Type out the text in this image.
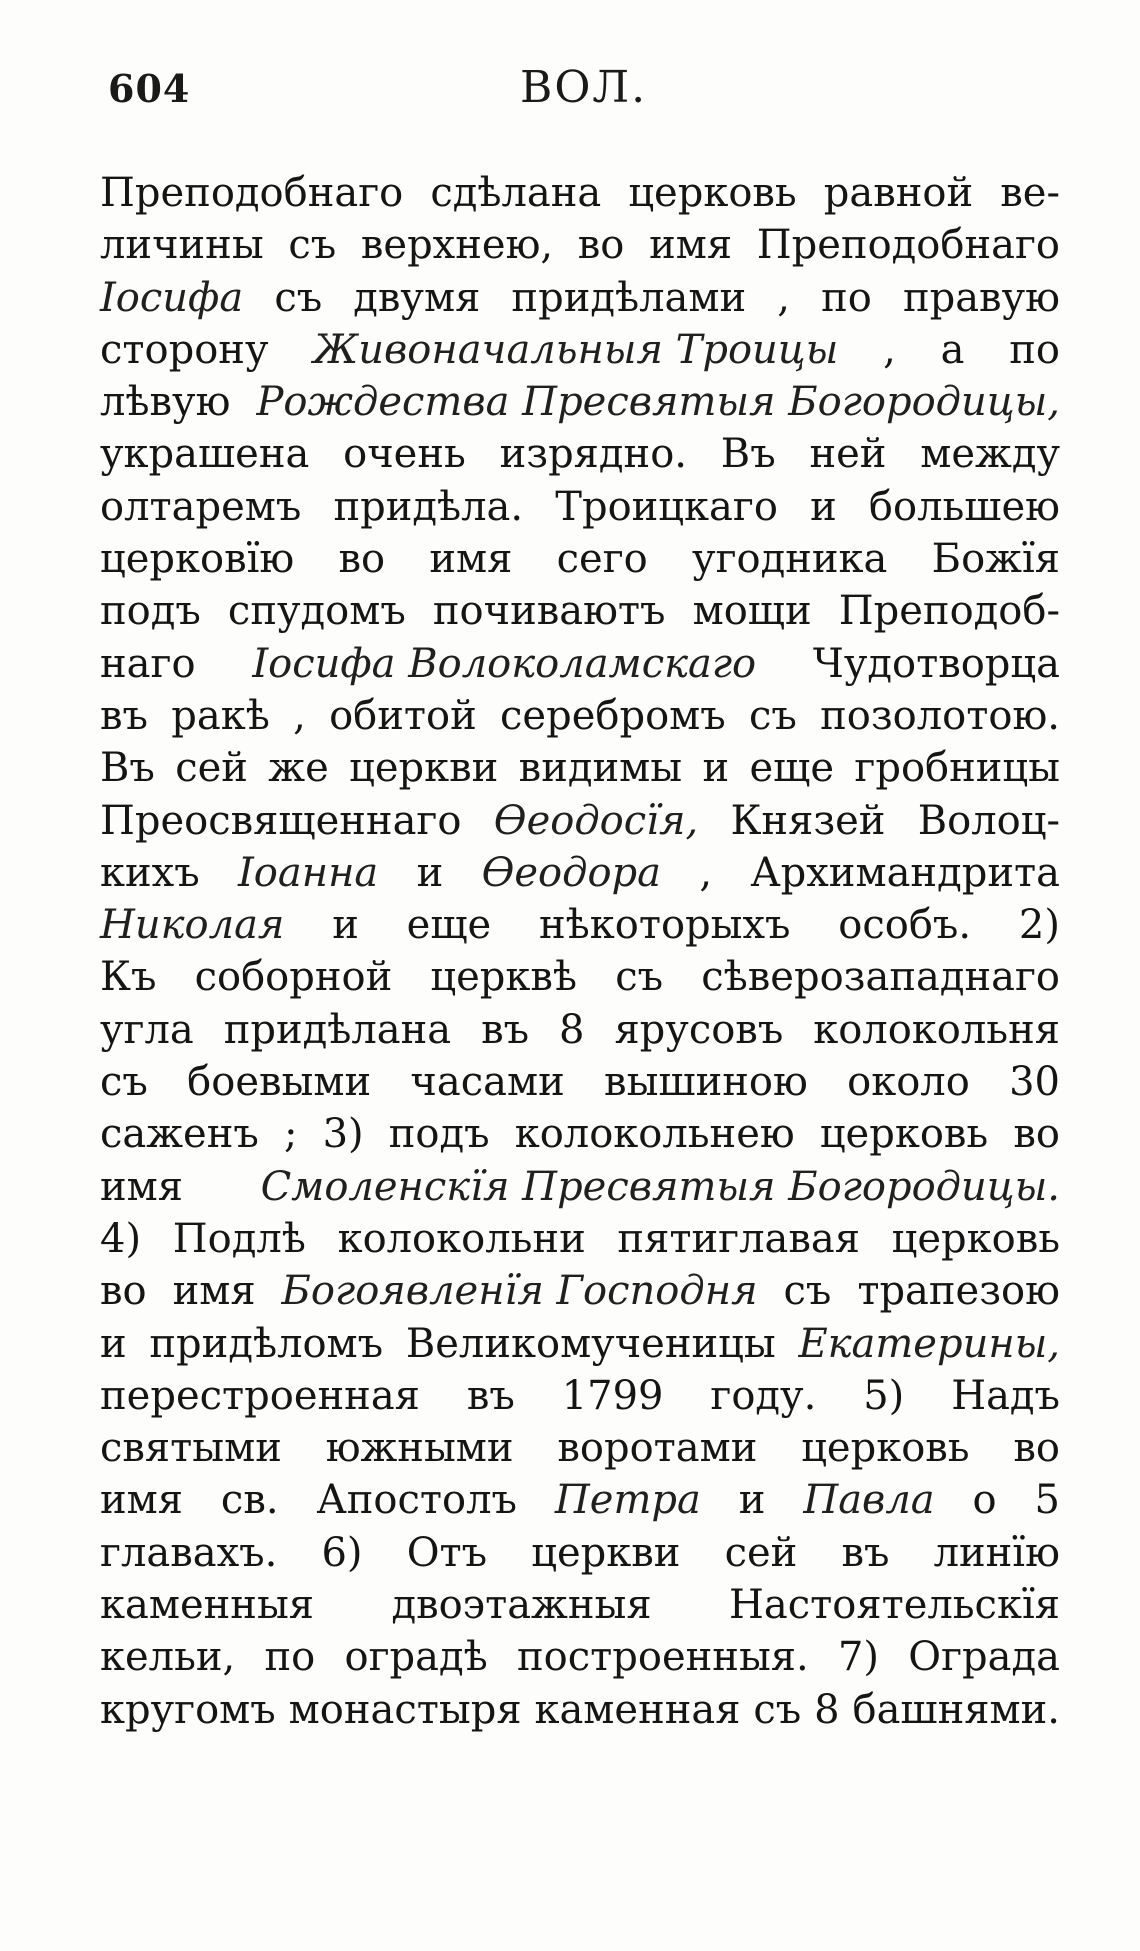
604	ВОЛ.
Преподобнаго сдѣлана церковь равной ве-
личины съ верхнею, во имя Преподобнаго
Іосифа съ двумя придѣлами , по правую
сторону Живоначальныя Троицы , а по
лѣвую Рождества Пресвятыя Богородицы,
украшена очень изрядно. Въ ней между
олтаремъ придѣла. Троицкаго и большею
церковїю во имя сего угодника Божїя
подъ спудомъ почиваютъ мощи Преподоб-
наго Іосифа Волоколамскаго Чудотворца
въ ракѣ , обитой серебромъ съ позолотою.
Въ сей же церкви видимы и еще гробницы
Преосвященнаго Ѳеодосїя, Князей Волоц-
кихъ Іоанна и Ѳеодора , Архимандрита
Николая и еще нѣкоторыхъ особъ. 2)
Къ соборной церквѣ съ сѣверозападнаго
угла придѣлана въ 8 ярусовъ колокольня
съ боевыми часами вышиною около 30
саженъ ; 3) подъ колокольнею церковь во
имя Смоленскїя Пресвятыя Богородицы.
4) Подлѣ колокольни пятиглавая церковь
во имя Богоявленїя Господня съ трапезою
и придѣломъ Великомученицы Екатерины,
перестроенная въ 1799 году. 5) Надъ
святыми южными воротами церковь во
имя св. Апостолъ Петра и Павла о 5
главахъ. 6) Отъ церкви сей въ линїю
каменныя двоэтажныя Настоятельскїя
кельи, по оградѣ построенныя. 7) Ограда
кругомъ монастыря каменная съ 8 башнями.
